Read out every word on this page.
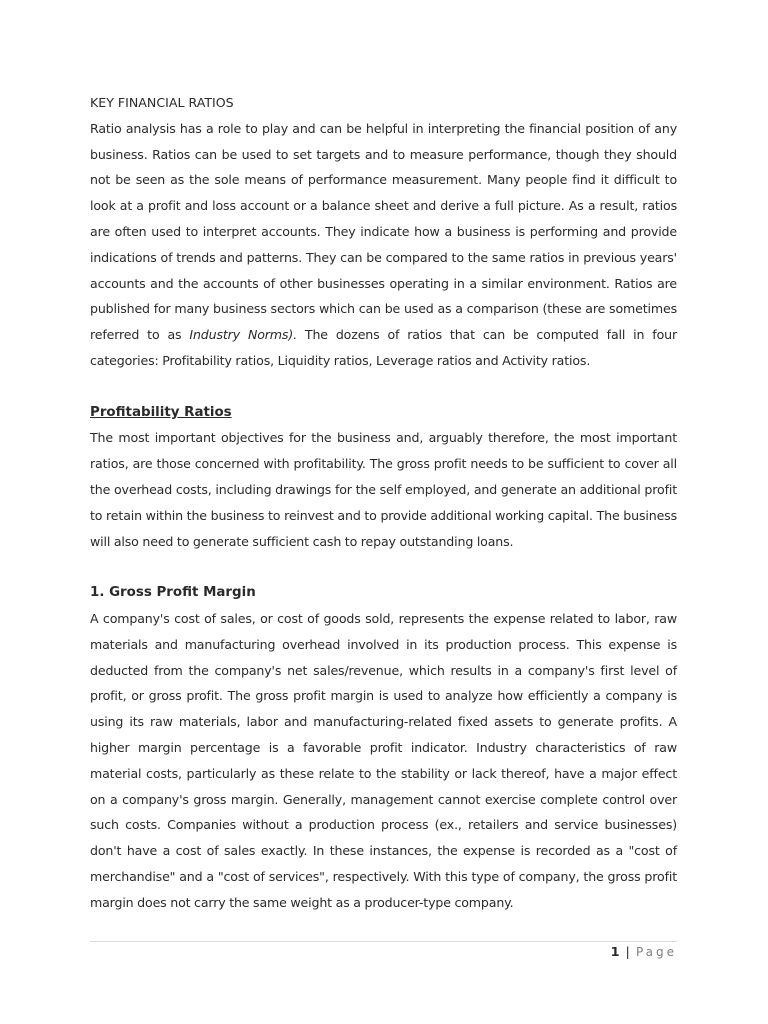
KEY FINANCIAL RATIOS

Ratio analysis has a role to play and can be helpful in interpreting the financial position of any business. Ratios can be used to set targets and to measure performance, though they should not be seen as the sole means of performance measurement. Many people find it difficult to look at a profit and loss account or a balance sheet and derive a full picture. As a result, ratios are often used to interpret accounts. They indicate how a business is performing and provide indications of trends and patterns. They can be compared to the same ratios in previous years' accounts and the accounts of other businesses operating in a similar environment. Ratios are published for many business sectors which can be used as a comparison (these are sometimes referred to as Industry Norms). The dozens of ratios that can be computed fall in four categories: Profitability ratios, Liquidity ratios, Leverage ratios and Activity ratios.

Profitability Ratios

The most important objectives for the business and, arguably therefore, the most important ratios, are those concerned with profitability. The gross profit needs to be sufficient to cover all the overhead costs, including drawings for the self employed, and generate an additional profit to retain within the business to reinvest and to provide additional working capital. The business will also need to generate sufficient cash to repay outstanding loans.

1. Gross Profit Margin

A company's cost of sales, or cost of goods sold, represents the expense related to labor, raw materials and manufacturing overhead involved in its production process. This expense is deducted from the company's net sales/revenue, which results in a company's first level of profit, or gross profit. The gross profit margin is used to analyze how efficiently a company is using its raw materials, labor and manufacturing-related fixed assets to generate profits. A higher margin percentage is a favorable profit indicator. Industry characteristics of raw material costs, particularly as these relate to the stability or lack thereof, have a major effect on a company's gross margin. Generally, management cannot exercise complete control over such costs. Companies without a production process (ex., retailers and service businesses) don't have a cost of sales exactly. In these instances, the expense is recorded as a "cost of merchandise" and a "cost of services", respectively. With this type of company, the gross profit margin does not carry the same weight as a producer-type company.

1 | Page
